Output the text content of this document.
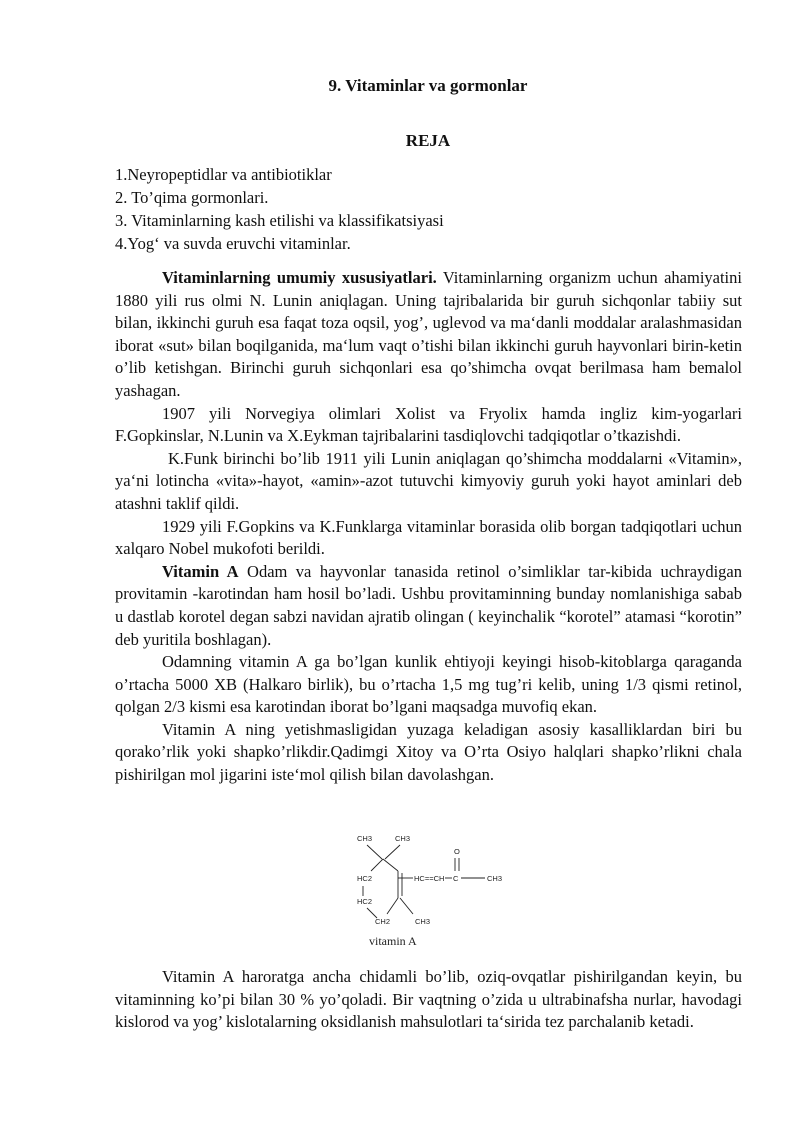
9. Vitaminlar va gormonlar
REJA
1.Neyropeptidlar va antibiotiklar
2. To’qima gormonlari.
3. Vitaminlarning kash etilishi va klassifikatsiyasi
4.Yog‘ va suvda eruvchi vitaminlar.

Vitaminlarning umumiy xususiyatlari. Vitaminlarning organizm uchun ahamiyatini 1880 yili rus olmi N. Lunin aniqlagan. Uning tajribalarida bir guruh sichqonlar tabiiy sut bilan, ikkinchi guruh esa faqat toza oqsil, yog’, uglevod va ma‘danli moddalar aralashmasidan iborat «sut» bilan boqilganida, ma‘lum vaqt o’tishi bilan ikkinchi guruh hayvonlari birin-ketin o’lib ketishgan. Birinchi guruh sichqonlari esa qo’shimcha ovqat berilmasa ham bemalol yashagan.

1907 yili Norvegiya olimlari Xolist va Fryolix hamda ingliz kim-yogarlari F.Gopkinslar, N.Lunin va X.Eykman tajribalarini tasdiqlovchi tadqiqotlar o’tkazishdi.

K.Funk birinchi bo’lib 1911 yili Lunin aniqlagan qo’shimcha moddalarni «Vitamin», ya‘ni lotincha «vita»-hayot, «amin»-azot tutuvchi kimyoviy guruh yoki hayot aminlari deb atashni taklif qildi.

1929 yili F.Gopkins va K.Funklarga vitaminlar borasida olib borgan tadqiqotlari uchun xalqaro Nobel mukofoti berildi.

Vitamin A Odam va hayvonlar tanasida retinol o’simliklar tar-kibida uchraydigan provitamin -karotindan ham hosil bo’ladi. Ushbu provitaminning bunday nomlanishiga sabab u dastlab korotel degan sabzi navidan ajratib olingan ( keyinchalik “korotel” atamasi “korotin” deb yuritila boshlagan).

Odamning vitamin A ga bo’lgan kunlik ehtiyoji keyingi hisob-kitoblarga qaraganda o’rtacha 5000 XB (Halkaro birlik), bu o’rtacha 1,5 mg tug’ri kelib, uning 1/3 qismi retinol, qolgan 2/3 kismi esa karotindan iborat bo’lgani maqsadga muvofiq ekan.

Vitamin A ning yetishmasligidan yuzaga keladigan asosiy kasalliklardan biri bu qorako’rlik yoki shapko’rlikdir.Qadimgi Xitoy va O’rta Osiyo halqlari shapko’rlikni chala pishirilgan mol jigarini iste‘mol qilish bilan davolashgan.

CH3	CH3
O
HC2	HC==CH C	CH3
HC2
CH2	CH3
vitamin A

Vitamin A haroratga ancha chidamli bo’lib, oziq-ovqatlar pishirilgandan keyin, bu vitaminning ko’pi bilan 30 % yo’qoladi. Bir vaqtning o’zida u ultrabinafsha nurlar, havodagi kislorod va yog’ kislotalarning oksidlanish mahsulotlari ta‘sirida tez parchalanib ketadi.
